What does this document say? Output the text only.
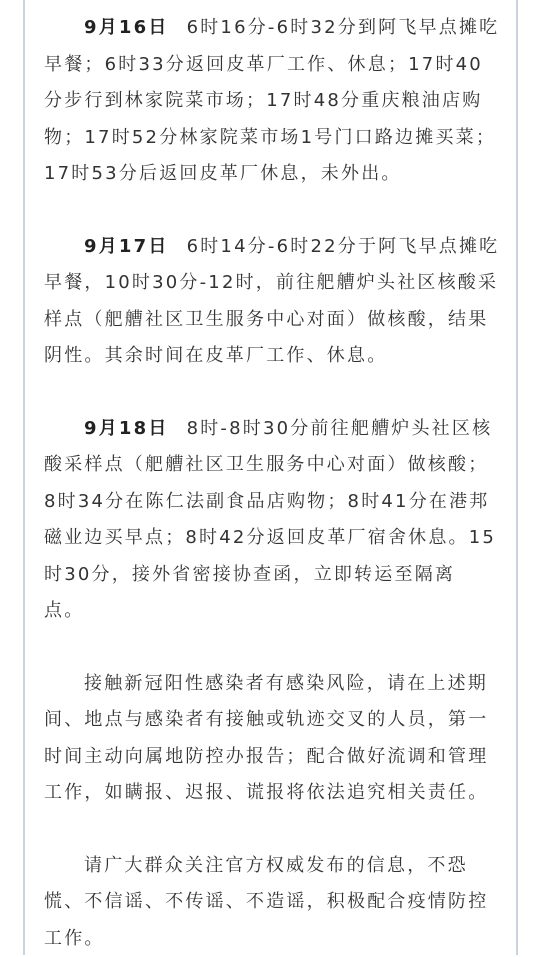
9月16日 6时16分-6时32分到阿飞早点摊吃
早餐；6时33分返回皮革厂工作、休息；17时40
分步行到林家院菜市场；17时48分重庆粮油店购
物；17时52分林家院菜市场1号门口路边摊买菜；
17时53分后返回皮革厂休息，未外出。

9月17日 6时14分-6时22分于阿飞早点摊吃
早餐，10时30分-12时，前往舥艚炉头社区核酸采
样点（舥艚社区卫生服务中心对面）做核酸，结果
阴性。其余时间在皮革厂工作、休息。

9月18日 8时-8时30分前往舥艚炉头社区核
酸采样点（舥艚社区卫生服务中心对面）做核酸；
8时34分在陈仁法副食品店购物；8时41分在港邦
磁业边买早点；8时42分返回皮革厂宿舍休息。15
时30分，接外省密接协查函，立即转运至隔离
点。

接触新冠阳性感染者有感染风险，请在上述期
间、地点与感染者有接触或轨迹交叉的人员，第一
时间主动向属地防控办报告；配合做好流调和管理
工作，如瞒报、迟报、谎报将依法追究相关责任。

请广大群众关注官方权威发布的信息，不恐
慌、不信谣、不传谣、不造谣，积极配合疫情防控
工作。
